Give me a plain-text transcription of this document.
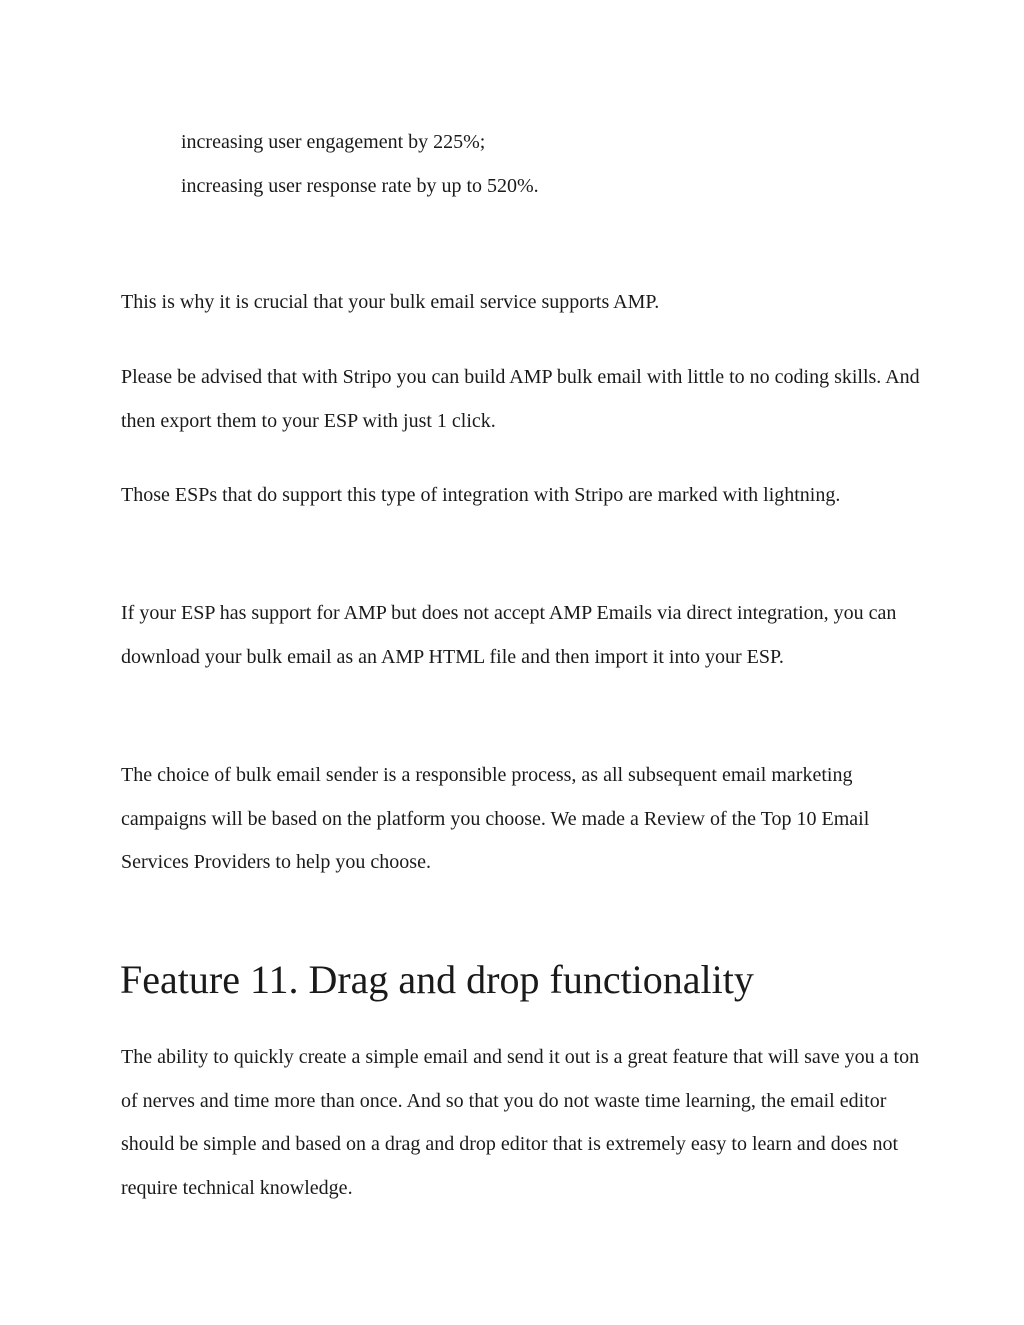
increasing user engagement by 225%;
increasing user response rate by up to 520%.

This is why it is crucial that your bulk email service supports AMP.

Please be advised that with Stripo you can build AMP bulk email with little to no coding skills. And then export them to your ESP with just 1 click.

Those ESPs that do support this type of integration with Stripo are marked with lightning.

If your ESP has support for AMP but does not accept AMP Emails via direct integration, you can download your bulk email as an AMP HTML file and then import it into your ESP.

The choice of bulk email sender is a responsible process, as all subsequent email marketing campaigns will be based on the platform you choose. We made a Review of the Top 10 Email Services Providers to help you choose.

Feature 11. Drag and drop functionality

The ability to quickly create a simple email and send it out is a great feature that will save you a ton of nerves and time more than once. And so that you do not waste time learning, the email editor should be simple and based on a drag and drop editor that is extremely easy to learn and does not require technical knowledge.
